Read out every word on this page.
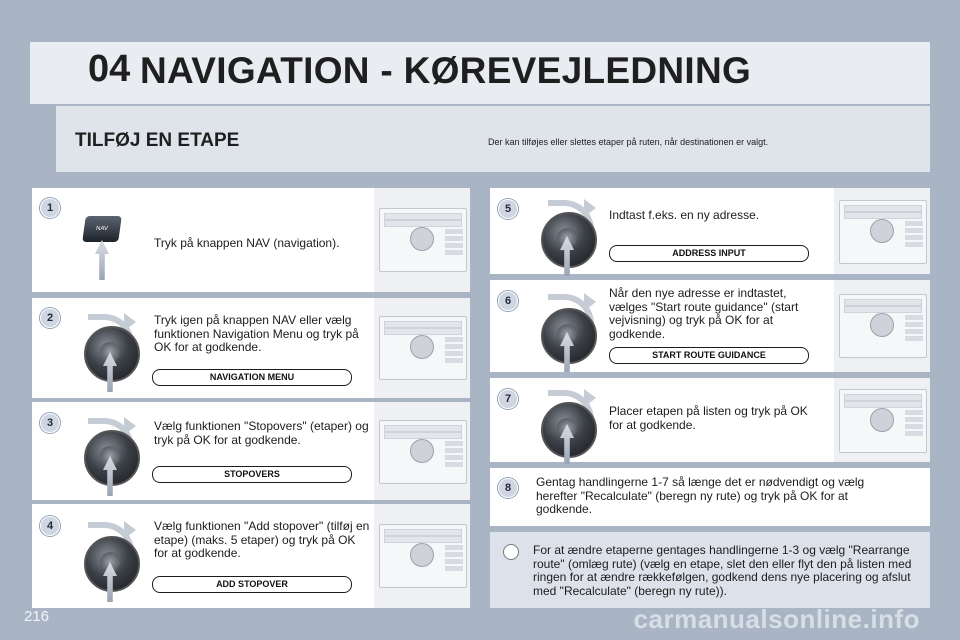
04 NAVIGATION - KØREVEJLEDNING
TILFØJ EN ETAPE	Der kan tilføjes eller slettes etaper på ruten, når destinationen er valgt.
1
NAV
Tryk på knappen NAV (navigation).
2	Tryk igen på knappen NAV eller vælg funktionen Navigation Menu og tryk på OK for at godkende.
NAVIGATION MENU
3	Vælg funktionen "Stopovers" (etaper) og tryk på OK for at godkende.
STOPOVERS
4	Vælg funktionen "Add stopover" (tilføj en etape) (maks. 5 etaper) og tryk på OK for at godkende.
ADD STOPOVER
5	Indtast f.eks. en ny adresse.
ADDRESS INPUT
6
Når den nye adresse er indtastet, vælges "Start route guidance" (start vejvisning) og tryk på OK for at godkende.
START ROUTE GUIDANCE
7
Placer etapen på listen og tryk på OK for at godkende.
8	Gentag handlingerne 1-7 så længe det er nødvendigt og vælg herefter "Recalculate" (beregn ny rute) og tryk på OK for at godkende.
For at ændre etaperne gentages handlingerne 1-3 og vælg "Rearrange route" (omlæg rute) (vælg en etape, slet den eller flyt den på listen med ringen for at ændre rækkefølgen, godkend dens nye placering og afslut med "Recalculate" (beregn ny rute)).
216	carmanualsonline.info
